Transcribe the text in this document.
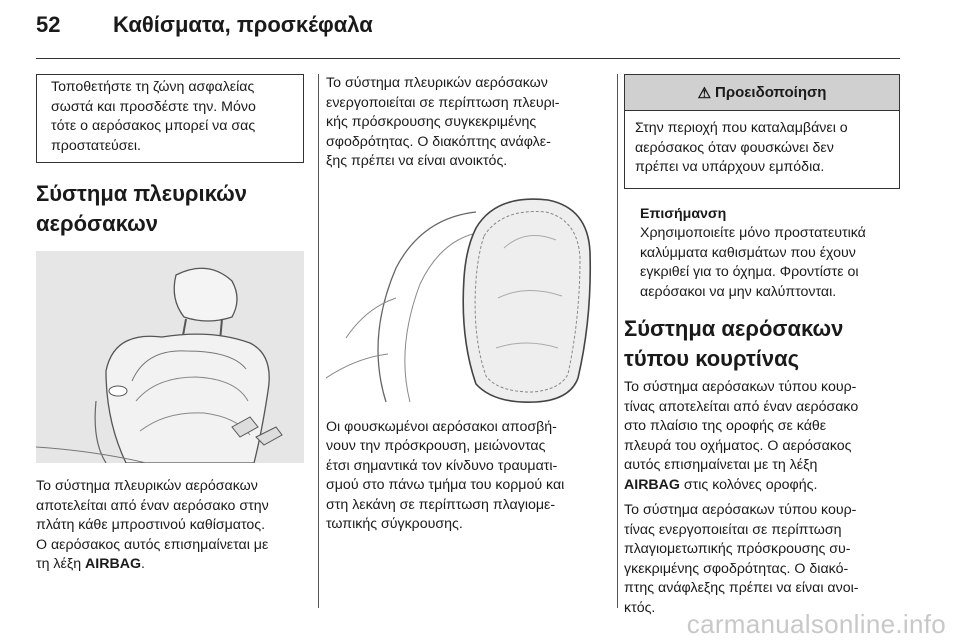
52 Καθίσματα, προσκέφαλα
Τοποθετήστε τη ζώνη ασφαλείας
σωστά και προσδέστε την. Μόνο
τότε ο αερόσακος μπορεί να σας
προστατεύσει.
Σύστημα πλευρικών
αερόσακων
Το σύστημα πλευρικών αερόσακων
αποτελείται από έναν αερόσακο στην
πλάτη κάθε μπροστινού καθίσματος.
Ο αερόσακος αυτός επισημαίνεται με
τη λέξη AIRBAG.
Το σύστημα πλευρικών αερόσακων
ενεργοποιείται σε περίπτωση πλευρι-
κής πρόσκρουσης συγκεκριμένης
σφοδρότητας. Ο διακόπτης ανάφλε-
ξης πρέπει να είναι ανοικτός.
Οι φουσκωμένοι αερόσακοι αποσβή-
νουν την πρόσκρουση, μειώνοντας
έτσι σημαντικά τον κίνδυνο τραυματι-
σμού στο πάνω τμήμα του κορμού και
στη λεκάνη σε περίπτωση πλαγιομε-
τωπικής σύγκρουσης.
⚠ Προειδοποίηση
Στην περιοχή που καταλαμβάνει ο
αερόσακος όταν φουσκώνει δεν
πρέπει να υπάρχουν εμπόδια.
Επισήμανση
Χρησιμοποιείτε μόνο προστατευτικά
καλύμματα καθισμάτων που έχουν
εγκριθεί για το όχημα. Φροντίστε οι
αερόσακοι να μην καλύπτονται.
Σύστημα αερόσακων
τύπου κουρτίνας
Το σύστημα αερόσακων τύπου κουρ-
τίνας αποτελείται από έναν αερόσακο
στο πλαίσιο της οροφής σε κάθε
πλευρά του οχήματος. Ο αερόσακος
αυτός επισημαίνεται με τη λέξη
AIRBAG στις κολόνες οροφής.
Το σύστημα αερόσακων τύπου κουρ-
τίνας ενεργοποιείται σε περίπτωση
πλαγιομετωπικής πρόσκρουσης συ-
γκεκριμένης σφοδρότητας. Ο διακό-
πτης ανάφλεξης πρέπει να είναι ανοι-
κτός.
carmanualsonline.info
